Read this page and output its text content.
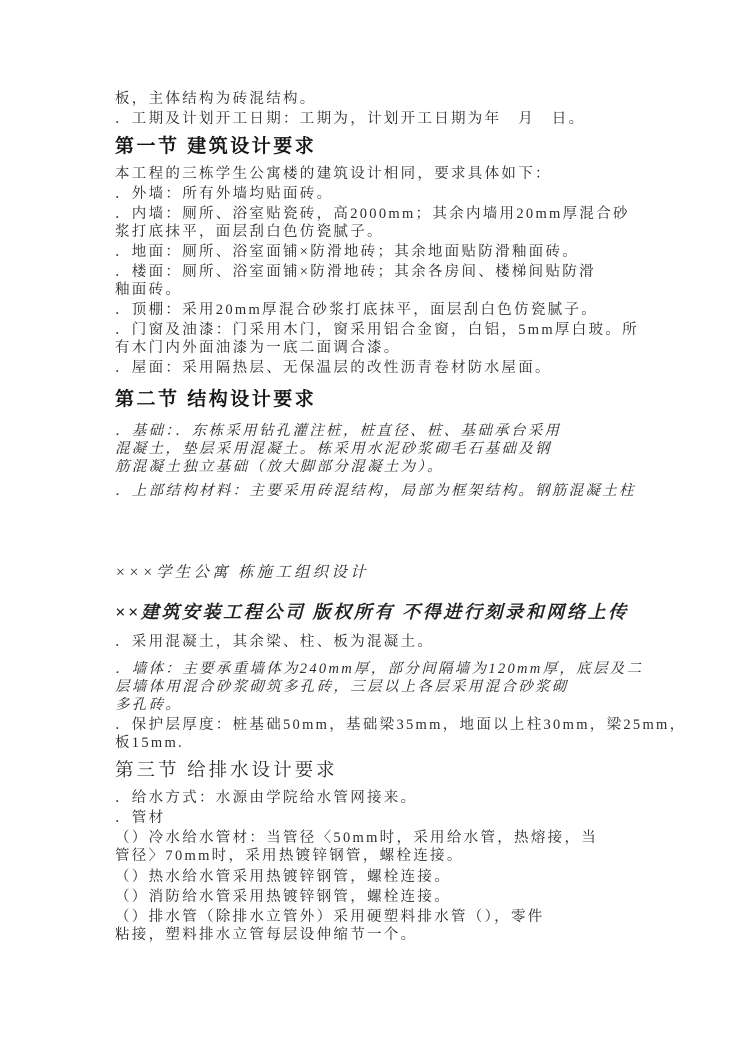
板，主体结构为砖混结构。
．工期及计划开工日期：工期为，计划开工日期为年　月　日。
第一节 建筑设计要求
本工程的三栋学生公寓楼的建筑设计相同，要求具体如下：
．外墙：所有外墙均贴面砖。
．内墙：厕所、浴室贴瓷砖，高2000mm；其余内墙用20mm厚混合砂
浆打底抹平，面层刮白色仿瓷腻子。
．地面：厕所、浴室面铺×防滑地砖；其余地面贴防滑釉面砖。
．楼面：厕所、浴室面铺×防滑地砖；其余各房间、楼梯间贴防滑
釉面砖。
．顶棚：采用20mm厚混合砂浆打底抹平，面层刮白色仿瓷腻子。
．门窗及油漆：门采用木门，窗采用铝合金窗，白铝，5mm厚白玻。所
有木门内外面油漆为一底二面调合漆。
．屋面：采用隔热层、无保温层的改性沥青卷材防水屋面。
第二节 结构设计要求
．基础：．东栋采用钻孔灌注桩，桩直径、桩、基础承台采用
混凝土，垫层采用混凝土。栋采用水泥砂浆砌毛石基础及钢
筋混凝土独立基础（放大脚部分混凝土为）。
．上部结构材料：主要采用砖混结构，局部为框架结构。钢筋混凝土柱
×××学生公寓 栋施工组织设计
××建筑安装工程公司 版权所有 不得进行刻录和网络上传
．采用混凝土，其余梁、柱、板为混凝土。
．墙体：主要承重墙体为240mm厚，部分间隔墙为120mm厚，底层及二
层墙体用混合砂浆砌筑多孔砖，三层以上各层采用混合砂浆砌
多孔砖。
．保护层厚度：桩基础50mm，基础梁35mm，地面以上柱30mm，梁25mm，
板15mm.
第三节 给排水设计要求
．给水方式：水源由学院给水管网接来。
．管材
（）冷水给水管材：当管径〈50mm时，采用给水管，热熔接，当
管径〉70mm时，采用热镀锌钢管，螺栓连接。
（）热水给水管采用热镀锌钢管，螺栓连接。
（）消防给水管采用热镀锌钢管，螺栓连接。
（）排水管（除排水立管外）采用硬塑料排水管（），零件
粘接，塑料排水立管每层设伸缩节一个。
